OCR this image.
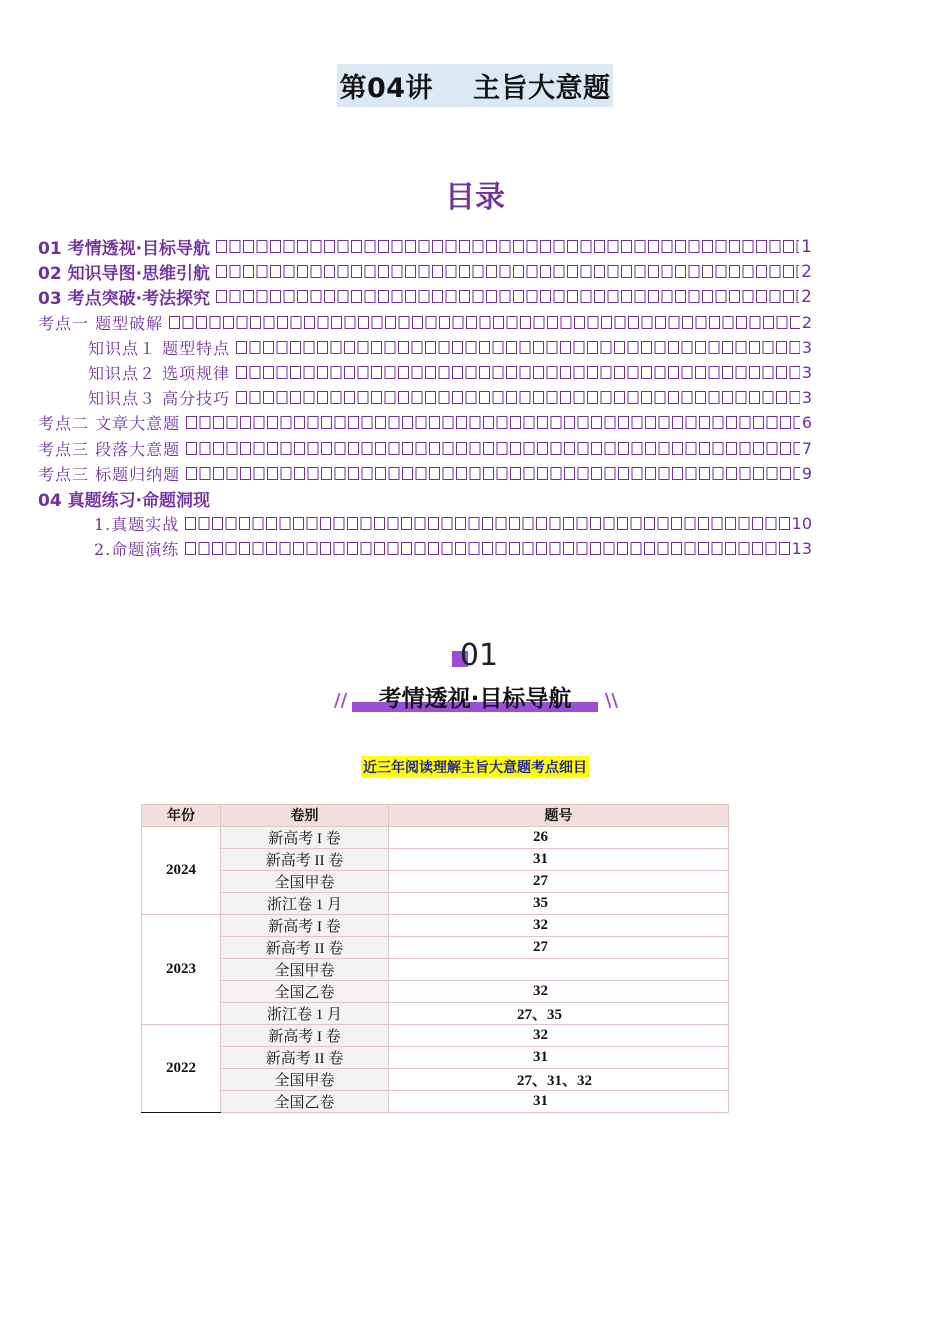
第04讲 主旨大意题
目录
01 考情透视·目标导航	1
02 知识导图·思维引航	2
03 考点突破·考法探究	2
考点一 题型破解	2
知识点１ 题型特点	3
知识点２ 选项规律	3
知识点３ 高分技巧	3
考点二 文章大意题	6
考点三 段落大意题	7
考点三 标题归纳题	9
04 真题练习·命题洞现
1.真题实战	10
2.命题演练	13
01
//	\\
考情透视·目标导航
近三年阅读理解主旨大意题考点细目
年份	卷别	题号
2024	新高考 I 卷	26
	新高考 II 卷	31
	全国甲卷	27
	浙江卷 1 月	35
2023	新高考 I 卷	32
	新高考 II 卷	27
	全国甲卷	
	全国乙卷	32
	浙江卷 1 月	27、35
2022	新高考 I 卷	32
	新高考 II 卷	31
	全国甲卷	27、31、32
	全国乙卷	31
